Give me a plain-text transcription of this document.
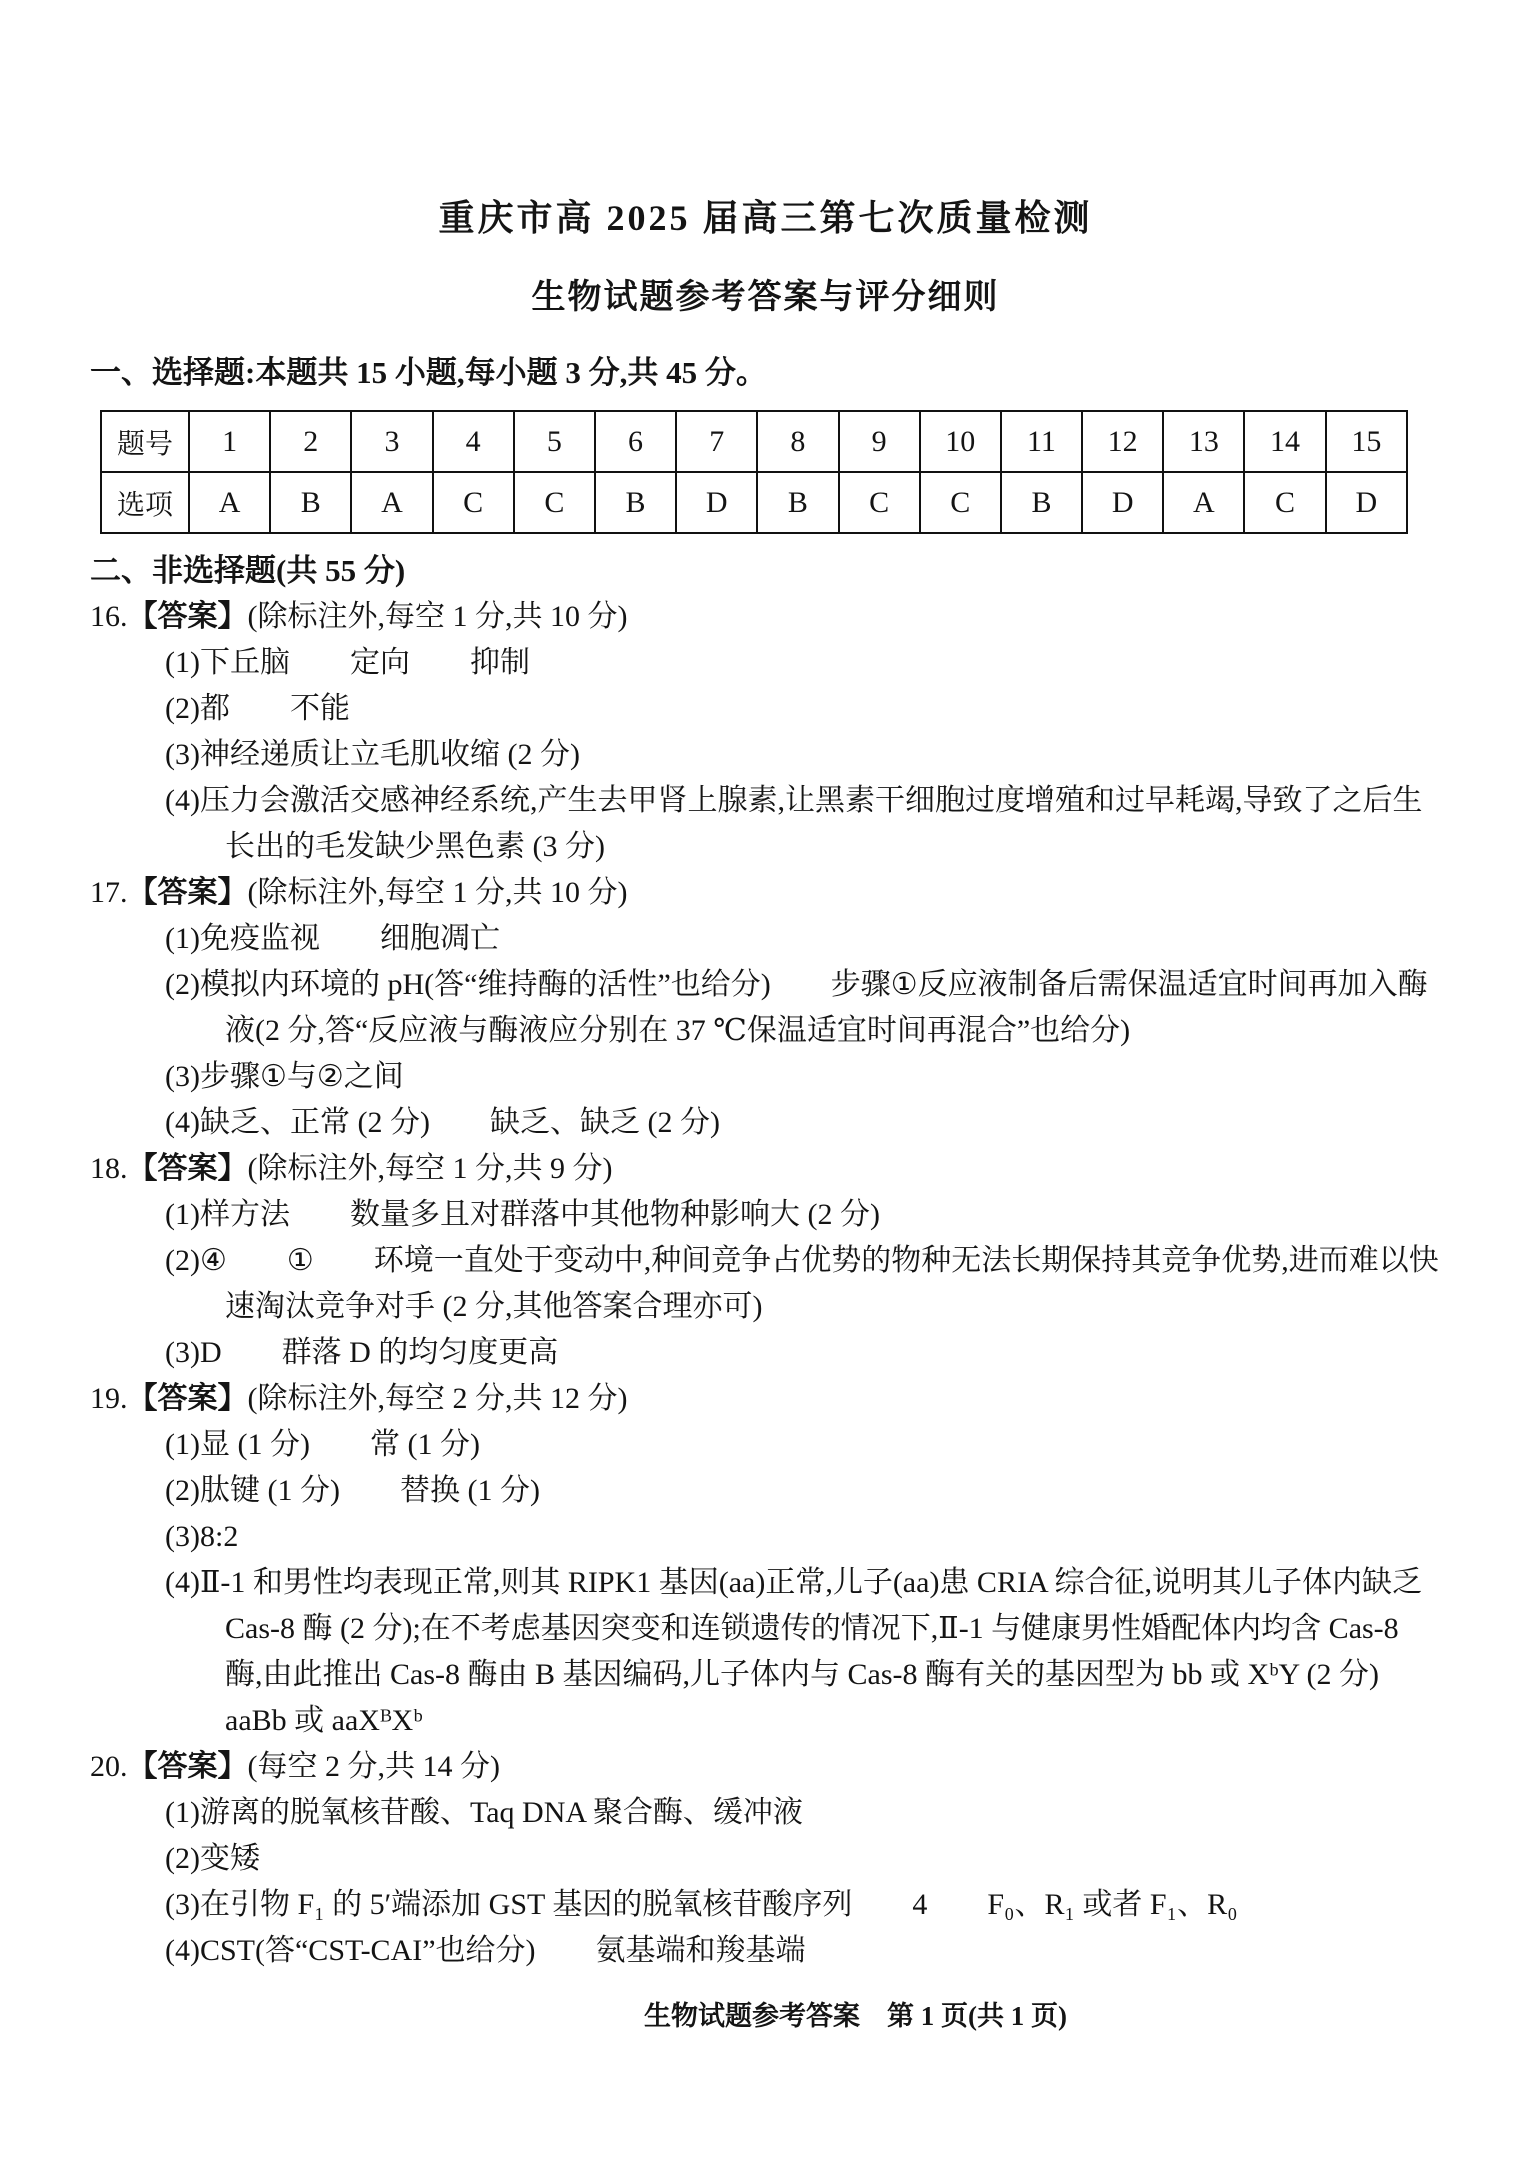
重庆市高 2025 届高三第七次质量检测
生物试题参考答案与评分细则
一、选择题:本题共 15 小题,每小题 3 分,共 45 分。
题号	1	2	3	4	5	6	7	8	9	10	11	12	13	14	15
选项	A	B	A	C	C	B	D	B	C	C	B	D	A	C	D
二、非选择题(共 55 分)
16.【答案】(除标注外,每空 1 分,共 10 分)
(1)下丘脑　　定向　　抑制
(2)都　　不能
(3)神经递质让立毛肌收缩 (2 分)
(4)压力会激活交感神经系统,产生去甲肾上腺素,让黑素干细胞过度增殖和过早耗竭,导致了之后生长出的毛发缺少黑色素 (3 分)
17.【答案】(除标注外,每空 1 分,共 10 分)
(1)免疫监视　　细胞凋亡
(2)模拟内环境的 pH(答“维持酶的活性”也给分)　　步骤①反应液制备后需保温适宜时间再加入酶液(2 分,答“反应液与酶液应分别在 37 ℃保温适宜时间再混合”也给分)
(3)步骤①与②之间
(4)缺乏、正常 (2 分)　　缺乏、缺乏 (2 分)
18.【答案】(除标注外,每空 1 分,共 9 分)
(1)样方法　　数量多且对群落中其他物种影响大 (2 分)
(2)④　　①　　环境一直处于变动中,种间竞争占优势的物种无法长期保持其竞争优势,进而难以快速淘汰竞争对手 (2 分,其他答案合理亦可)
(3)D　　群落 D 的均匀度更高
19.【答案】(除标注外,每空 2 分,共 12 分)
(1)显 (1 分)　　常 (1 分)
(2)肽键 (1 分)　　替换 (1 分)
(3)8:2
(4)Ⅱ-1 和男性均表现正常,则其 RIPK1 基因(aa)正常,儿子(aa)患 CRIA 综合征,说明其儿子体内缺乏 Cas-8 酶 (2 分);在不考虑基因突变和连锁遗传的情况下,Ⅱ-1 与健康男性婚配体内均含 Cas-8 酶,由此推出 Cas-8 酶由 B 基因编码,儿子体内与 Cas-8 酶有关的基因型为 bb 或 XᵇY (2 分)　　aaBb 或 aaXᴮXᵇ
20.【答案】(每空 2 分,共 14 分)
(1)游离的脱氧核苷酸、Taq DNA 聚合酶、缓冲液
(2)变矮
(3)在引物 F₁ 的 5′端添加 GST 基因的脱氧核苷酸序列　　4　　F₀、R₁ 或者 F₁、R₀
(4)CST(答“CST-CAI”也给分)　　氨基端和羧基端
生物试题参考答案　第 1 页(共 1 页)
